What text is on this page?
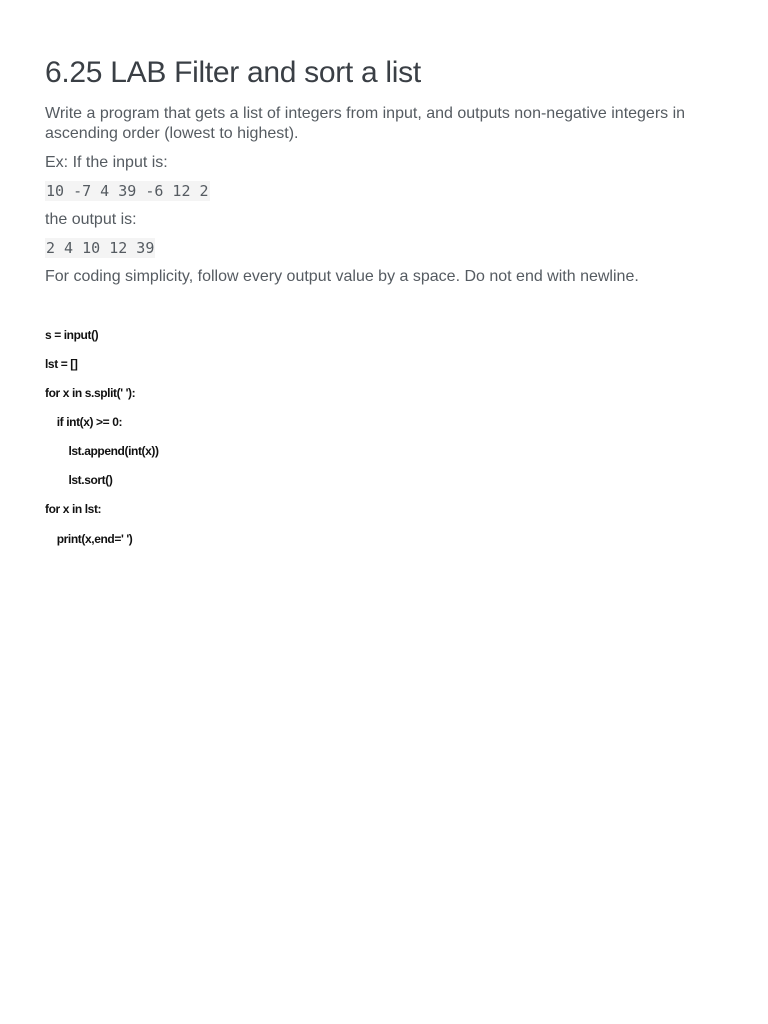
6.25 LAB Filter and sort a list

Write a program that gets a list of integers from input, and outputs non-negative integers in ascending order (lowest to highest).

Ex: If the input is:

10 -7 4 39 -6 12 2

the output is:

2 4 10 12 39

For coding simplicity, follow every output value by a space. Do not end with newline.

s = input()
lst = []
for x in s.split(' '):
if int(x) >= 0:
lst.append(int(x))
lst.sort()
for x in lst:
print(x,end=' ')
